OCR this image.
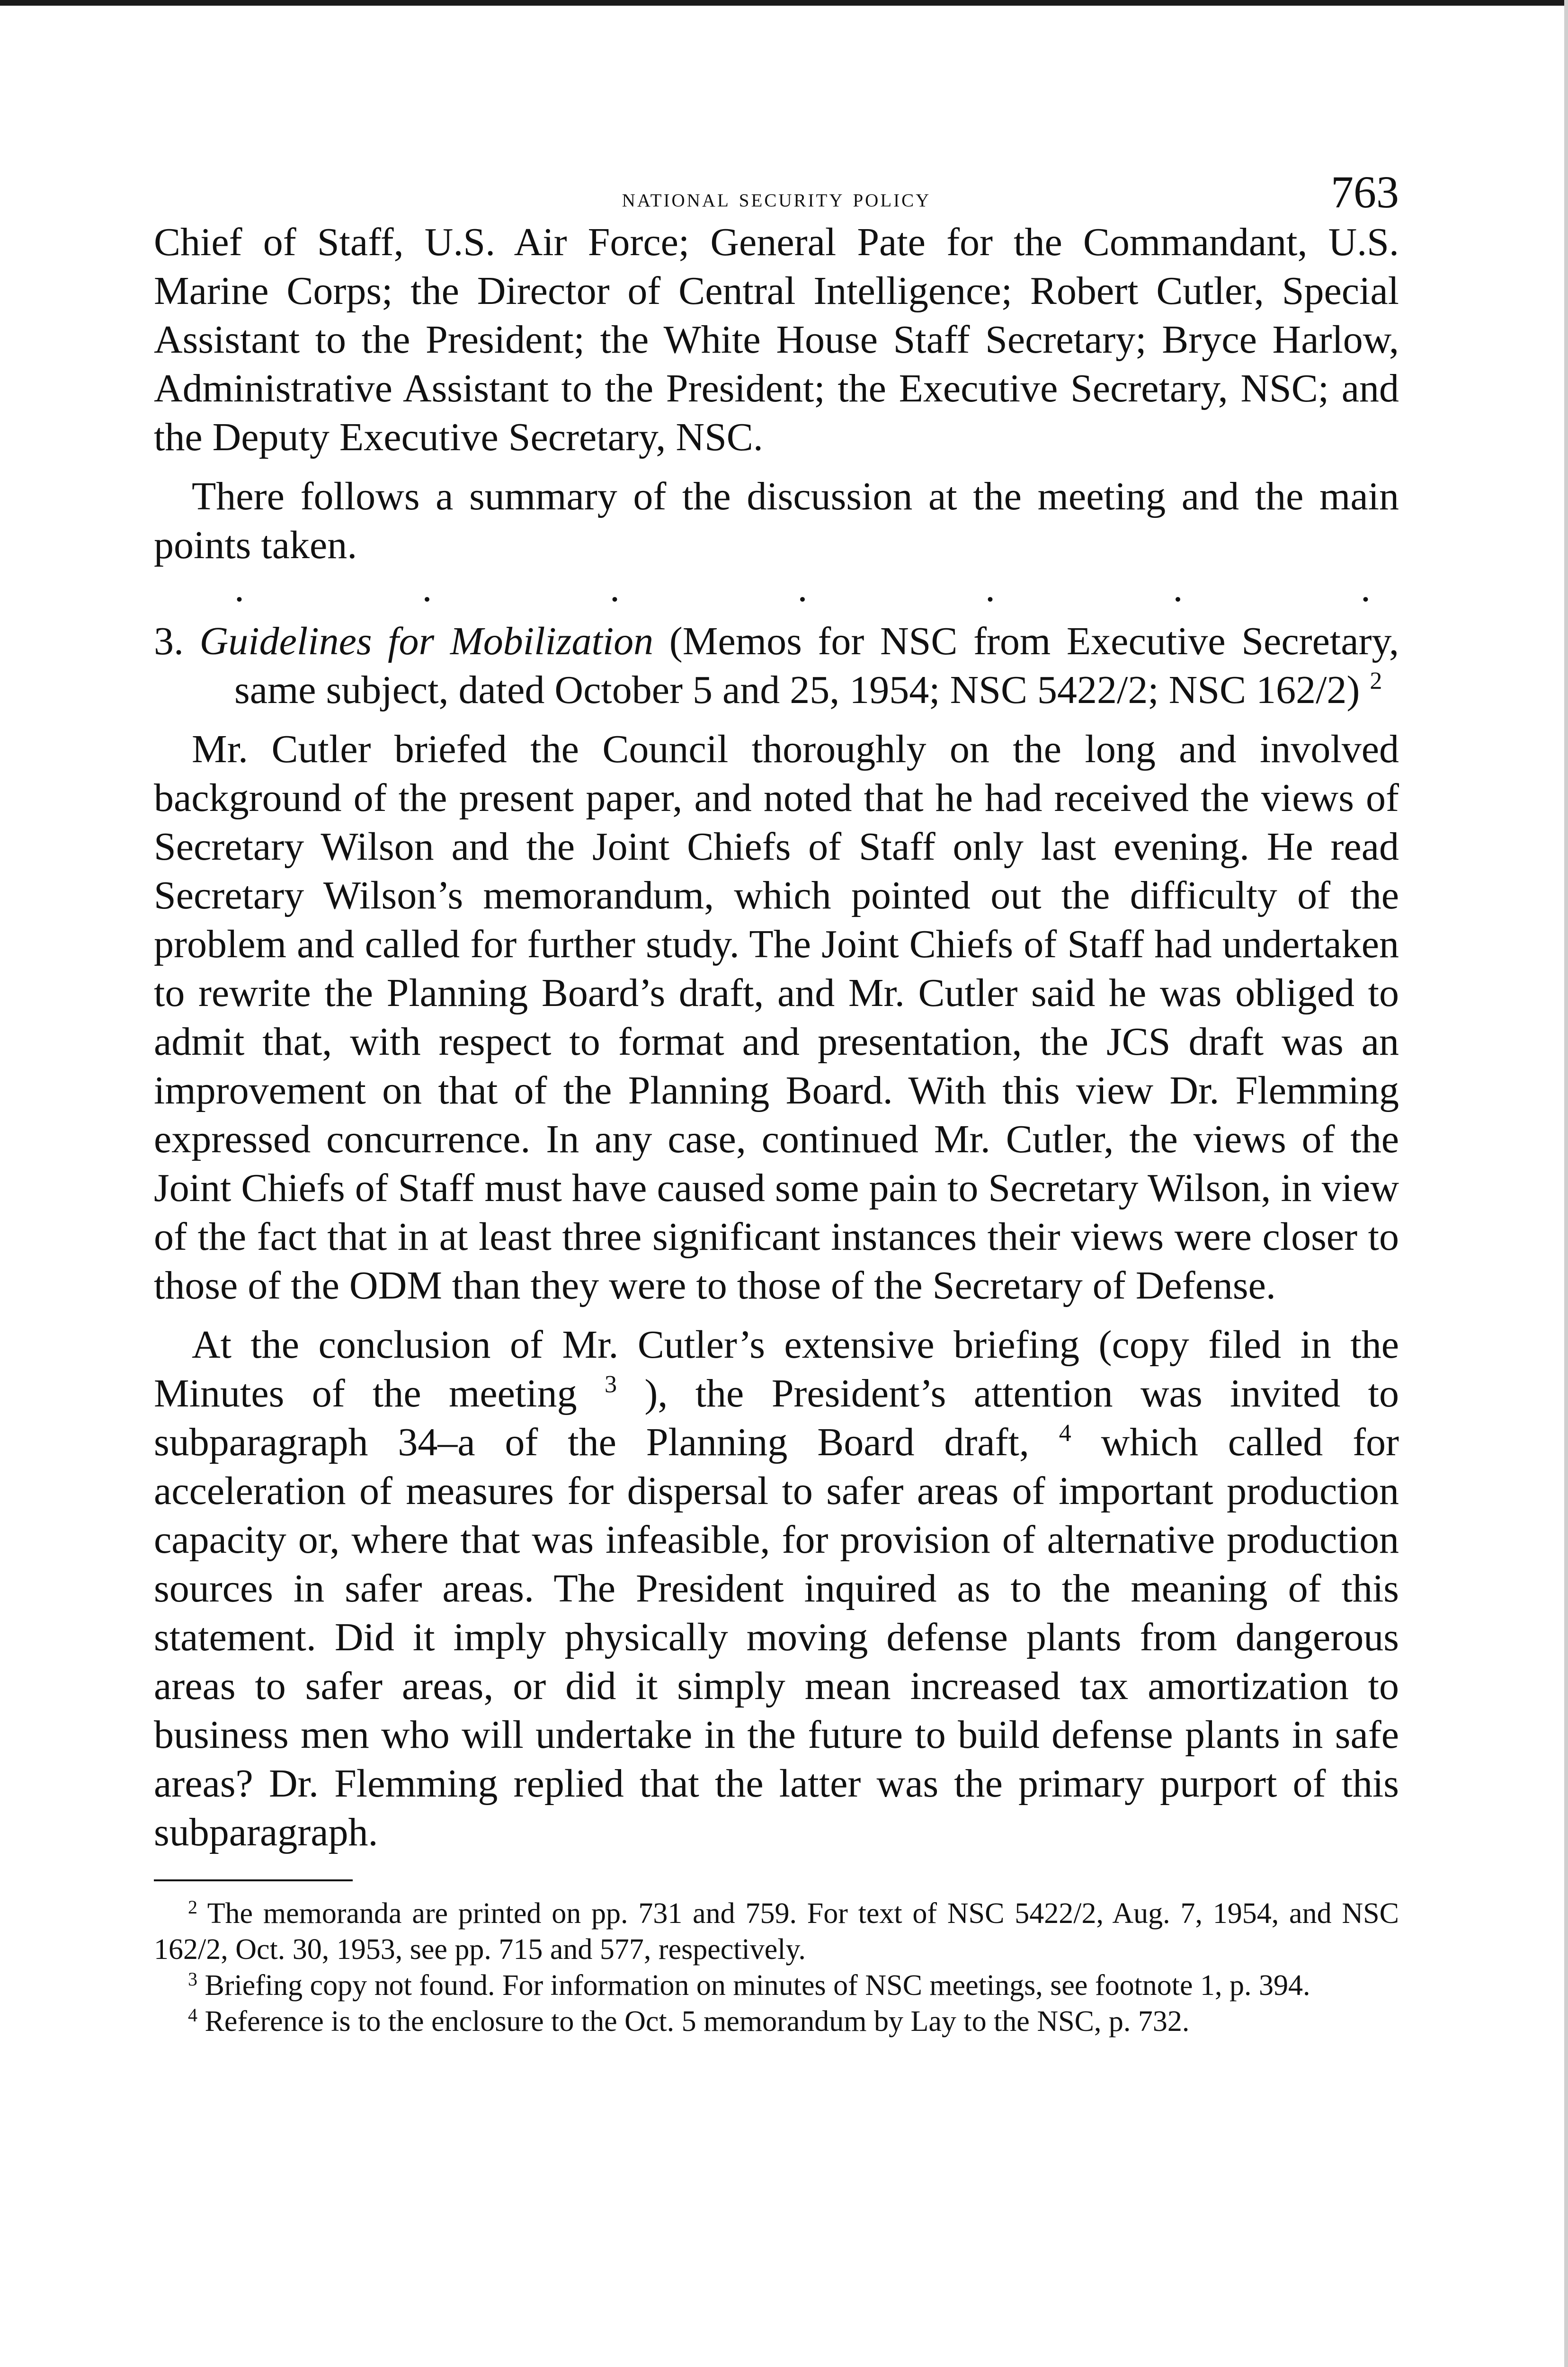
national security policy	763

Chief of Staff, U.S. Air Force; General Pate for the Commandant, U.S. Marine Corps; the Director of Central Intelligence; Robert Cutler, Special Assistant to the President; the White House Staff Secretary; Bryce Harlow, Administrative Assistant to the President; the Executive Secretary, NSC; and the Deputy Executive Secretary, NSC.

There follows a summary of the discussion at the meeting and the main points taken.

.	.	.	.	.	.	.

3. Guidelines for Mobilization (Memos for NSC from Executive Secretary, same subject, dated October 5 and 25, 1954; NSC 5422/2; NSC 162/2) $^2$

Mr. Cutler briefed the Council thoroughly on the long and involved background of the present paper, and noted that he had received the views of Secretary Wilson and the Joint Chiefs of Staff only last evening. He read Secretary Wilson’s memorandum, which pointed out the difficulty of the problem and called for further study. The Joint Chiefs of Staff had undertaken to rewrite the Planning Board’s draft, and Mr. Cutler said he was obliged to admit that, with respect to format and presentation, the JCS draft was an improvement on that of the Planning Board. With this view Dr. Flemming expressed concurrence. In any case, continued Mr. Cutler, the views of the Joint Chiefs of Staff must have caused some pain to Secretary Wilson, in view of the fact that in at least three significant instances their views were closer to those of the ODM than they were to those of the Secretary of Defense.

At the conclusion of Mr. Cutler’s extensive briefing (copy filed in the Minutes of the meeting $^3$ ), the President’s attention was invited to subparagraph 34–a of the Planning Board draft, $^4$ which called for acceleration of measures for dispersal to safer areas of important production capacity or, where that was infeasible, for provision of alternative production sources in safer areas. The President inquired as to the meaning of this statement. Did it imply physically moving defense plants from dangerous areas to safer areas, or did it simply mean increased tax amortization to business men who will undertake in the future to build defense plants in safe areas? Dr. Flemming replied that the latter was the primary purport of this subparagraph.

$^2$ The memoranda are printed on pp. 731 and 759. For text of NSC 5422/2, Aug. 7, 1954, and NSC 162/2, Oct. 30, 1953, see pp. 715 and 577, respectively.

$^3$ Briefing copy not found. For information on minutes of NSC meetings, see footnote 1, p. 394.

$^4$ Reference is to the enclosure to the Oct. 5 memorandum by Lay to the NSC, p. 732.
